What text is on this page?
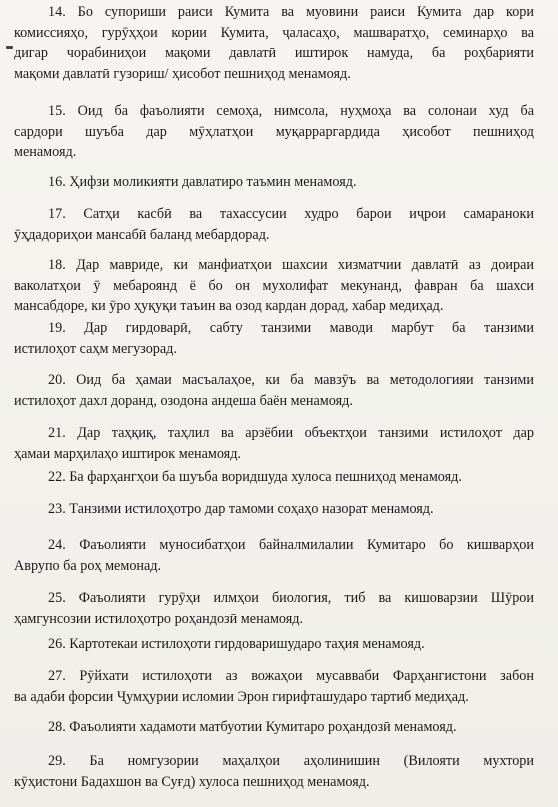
14. Бо супориши раиси Кумита ва муовини раиси Кумита дар кори
комиссияҳо, гурӯҳҳои кории Кумита, ҷаласаҳо, машваратҳо, семинарҳо ва
дигар чорабиниҳои мақоми давлатӣ иштирок намуда, ба роҳбарияти
мақоми давлатӣ гузориш/ ҳисобот пешниҳод менамояд.
15. Оид ба фаъолияти семоҳа, нимсола, нуҳмоҳа ва солонаи худ ба
сардори шуъба дар мӯҳлатҳои муқарраргардида ҳисобот пешниҳод
менамояд.
16. Ҳифзи моликияти давлатиро таъмин менамояд.
17. Сатҳи касбӣ ва тахассусии худро барои иҷрои самараноки
ӯҳдадориҳои мансабӣ баланд мебардорад.
18. Дар мавриде, ки манфиатҳои шахсии хизматчии давлатӣ аз доираи
ваколатҳои ӯ мебароянд ё бо он мухолифат мекунанд, фавран ба шахси
мансабдоре, ки ӯро ҳуқуқи таъин ва озод кардан дорад, хабар медиҳад.
19. Дар гирдоварӣ, сабту танзими маводи марбут ба танзими
истилоҳот саҳм мегузорад.
20. Оид ба ҳамаи масъалаҳое, ки ба мавзӯъ ва методологияи танзими
истилоҳот дахл доранд, озодона андеша баён менамояд.
21. Дар таҳқиқ, таҳлил ва арзёбии объектҳои танзими истилоҳот дар
ҳамаи марҳилаҳо иштирок менамояд.
22. Ба фарҳангҳои ба шуъба воридшуда хулоса пешниҳод менамояд.
23. Танзими истилоҳотро дар тамоми соҳаҳо назорат менамояд.
24. Фаъолияти муносибатҳои байналмилалии Кумитаро бо кишварҳои
Аврупо ба роҳ мемонад.
25. Фаъолияти гурӯҳи илмҳои биология, тиб ва кишоварзии Шӯрои
ҳамгунсозии истилоҳотро роҳандозӣ менамояд.
26. Картотекаи истилоҳоти гирдоваришударо таҳия менамояд.
27. Рӯйхати истилоҳоти аз вожаҳои мусавваби Фарҳангистони забон
ва адаби форсии Ҷумҳурии исломии Эрон гирифташударо тартиб медиҳад.
28. Фаъолияти хадамоти матбуотии Кумитаро роҳандозӣ менамояд.
29. Ба номгузории маҳалҳои аҳолинишин (Вилояти мухтори
кӯҳистони Бадахшон ва Суғд) хулоса пешниҳод менамояд.
